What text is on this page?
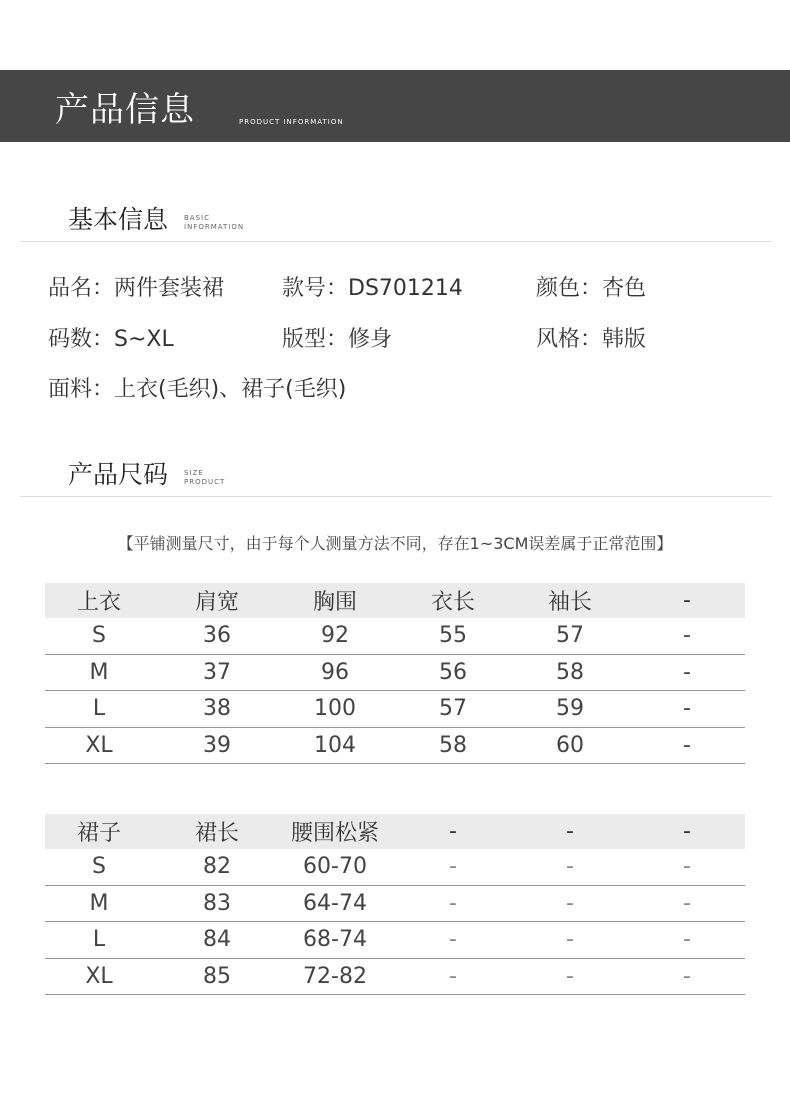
产品信息	PRODUCT INFORMATION
基本信息 BASIC
INFORMATION
品名：两件套装裙	款号：DS701214	颜色：杏色
码数：S~XL	版型：修身	风格：韩版
面料：上衣(毛织)、裙子(毛织)
产品尺码 SIZE
PRODUCT
【平铺测量尺寸，由于每个人测量方法不同，存在1~3CM误差属于正常范围】
上衣	肩宽	胸围	衣长	袖长	-
S	36	92	55	57	-
M	37	96	56	58	-
L	38	100	57	59	-
XL	39	104	58	60	-
裙子	裙长	腰围松紧	-	-	-
S	82	60-70	-	-	-
M	83	64-74	-	-	-
L	84	68-74	-	-	-
XL	85	72-82	-	-	-
